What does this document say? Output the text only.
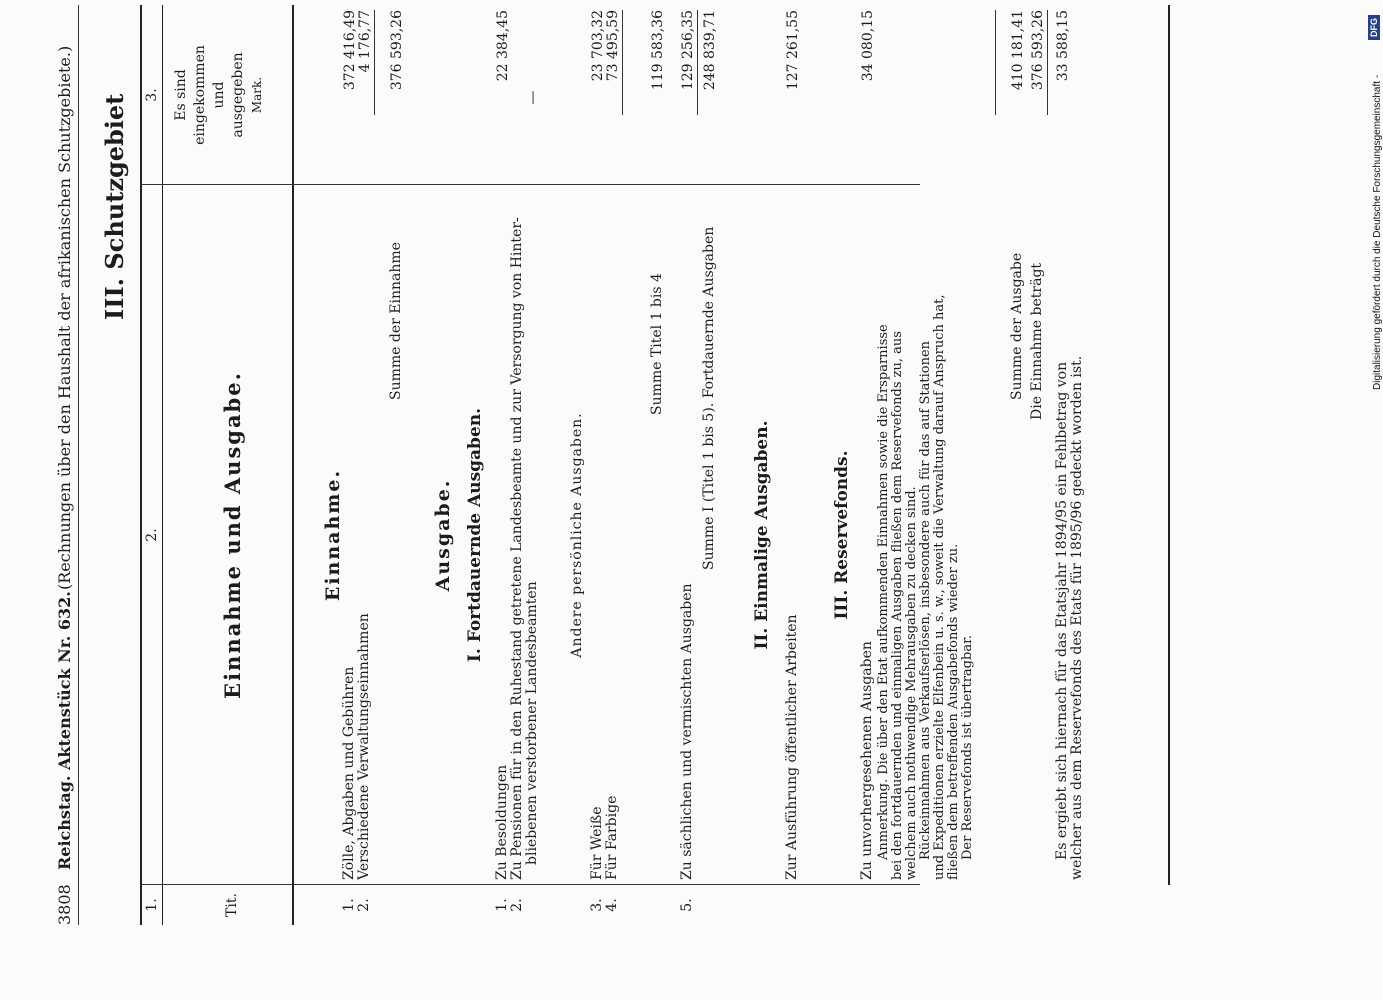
3808
Reichstag. Aktenstück Nr. 632.
(Rechnungen über den Haushalt der afrikanischen Schutzgebiete.) III. Schutzgebiet
1.
2.
3.
Tit.
Es sind eingekommen und ausgegeben Mark.
Einnahme und Ausgabe.	Einnahme.
1.
Zölle, Abgaben und Gebühren
372 416,49
2.
Verschiedene Verwaltungseinnahmen
4 176,77
Summe der Einnahme
376 593,26
Ausgabe. I. Fortdauernde Ausgaben.
1.
Zu Besoldungen
22 384,45
2.
Zu Pensionen für in den Ruhestand getretene Landesbeamte und zur Versorgung von Hinter-
—
bliebenen verstorbener Landesbeamten
Andere persönliche Ausgaben.
3.
Für Weiße
23 703,32
4.
Für Farbige
73 495,59
Summe Titel 1 bis 4
119 583,36
5.
Zu sächlichen und vermischten Ausgaben
129 256,35
Summe I (Titel 1 bis 5). Fortdauernde Ausgaben
248 839,71
II. Einmalige Ausgaben.
Zur Ausführung öffentlicher Arbeiten
127 261,55
III. Reservefonds.
Zu unvorhergesehenen Ausgaben
34 080,15
Anmerkung. Die über den Etat aufkommenden Einnahmen sowie die Ersparnisse bei den fortdauernden und einmaligen Ausgaben fließen dem Reservefonds zu, aus welchem auch nothwendige Mehrausgaben zu decken sind. Rückeinnahmen aus Verkaufserlösen, insbesondere auch für das auf Stationen und Expeditionen erzielte Elfenbein u. s. w., soweit die Verwaltung darauf Anspruch hat, fließen dem betreffenden Ausgabefonds wieder zu. Der Reservefonds ist übertragbar.
Summe der Ausgabe
410 181,41
Die Einnahme beträgt
376 593,26
Es ergiebt sich hiernach für das Etatsjahr 1894/95 ein Fehlbetrag von
33 588,15
welcher aus dem Reservefonds des Etats für 1895/96 gedeckt worden ist.
Digitalisierung gefördert durch die Deutsche Forschungsgemeinschaft -
DFG
